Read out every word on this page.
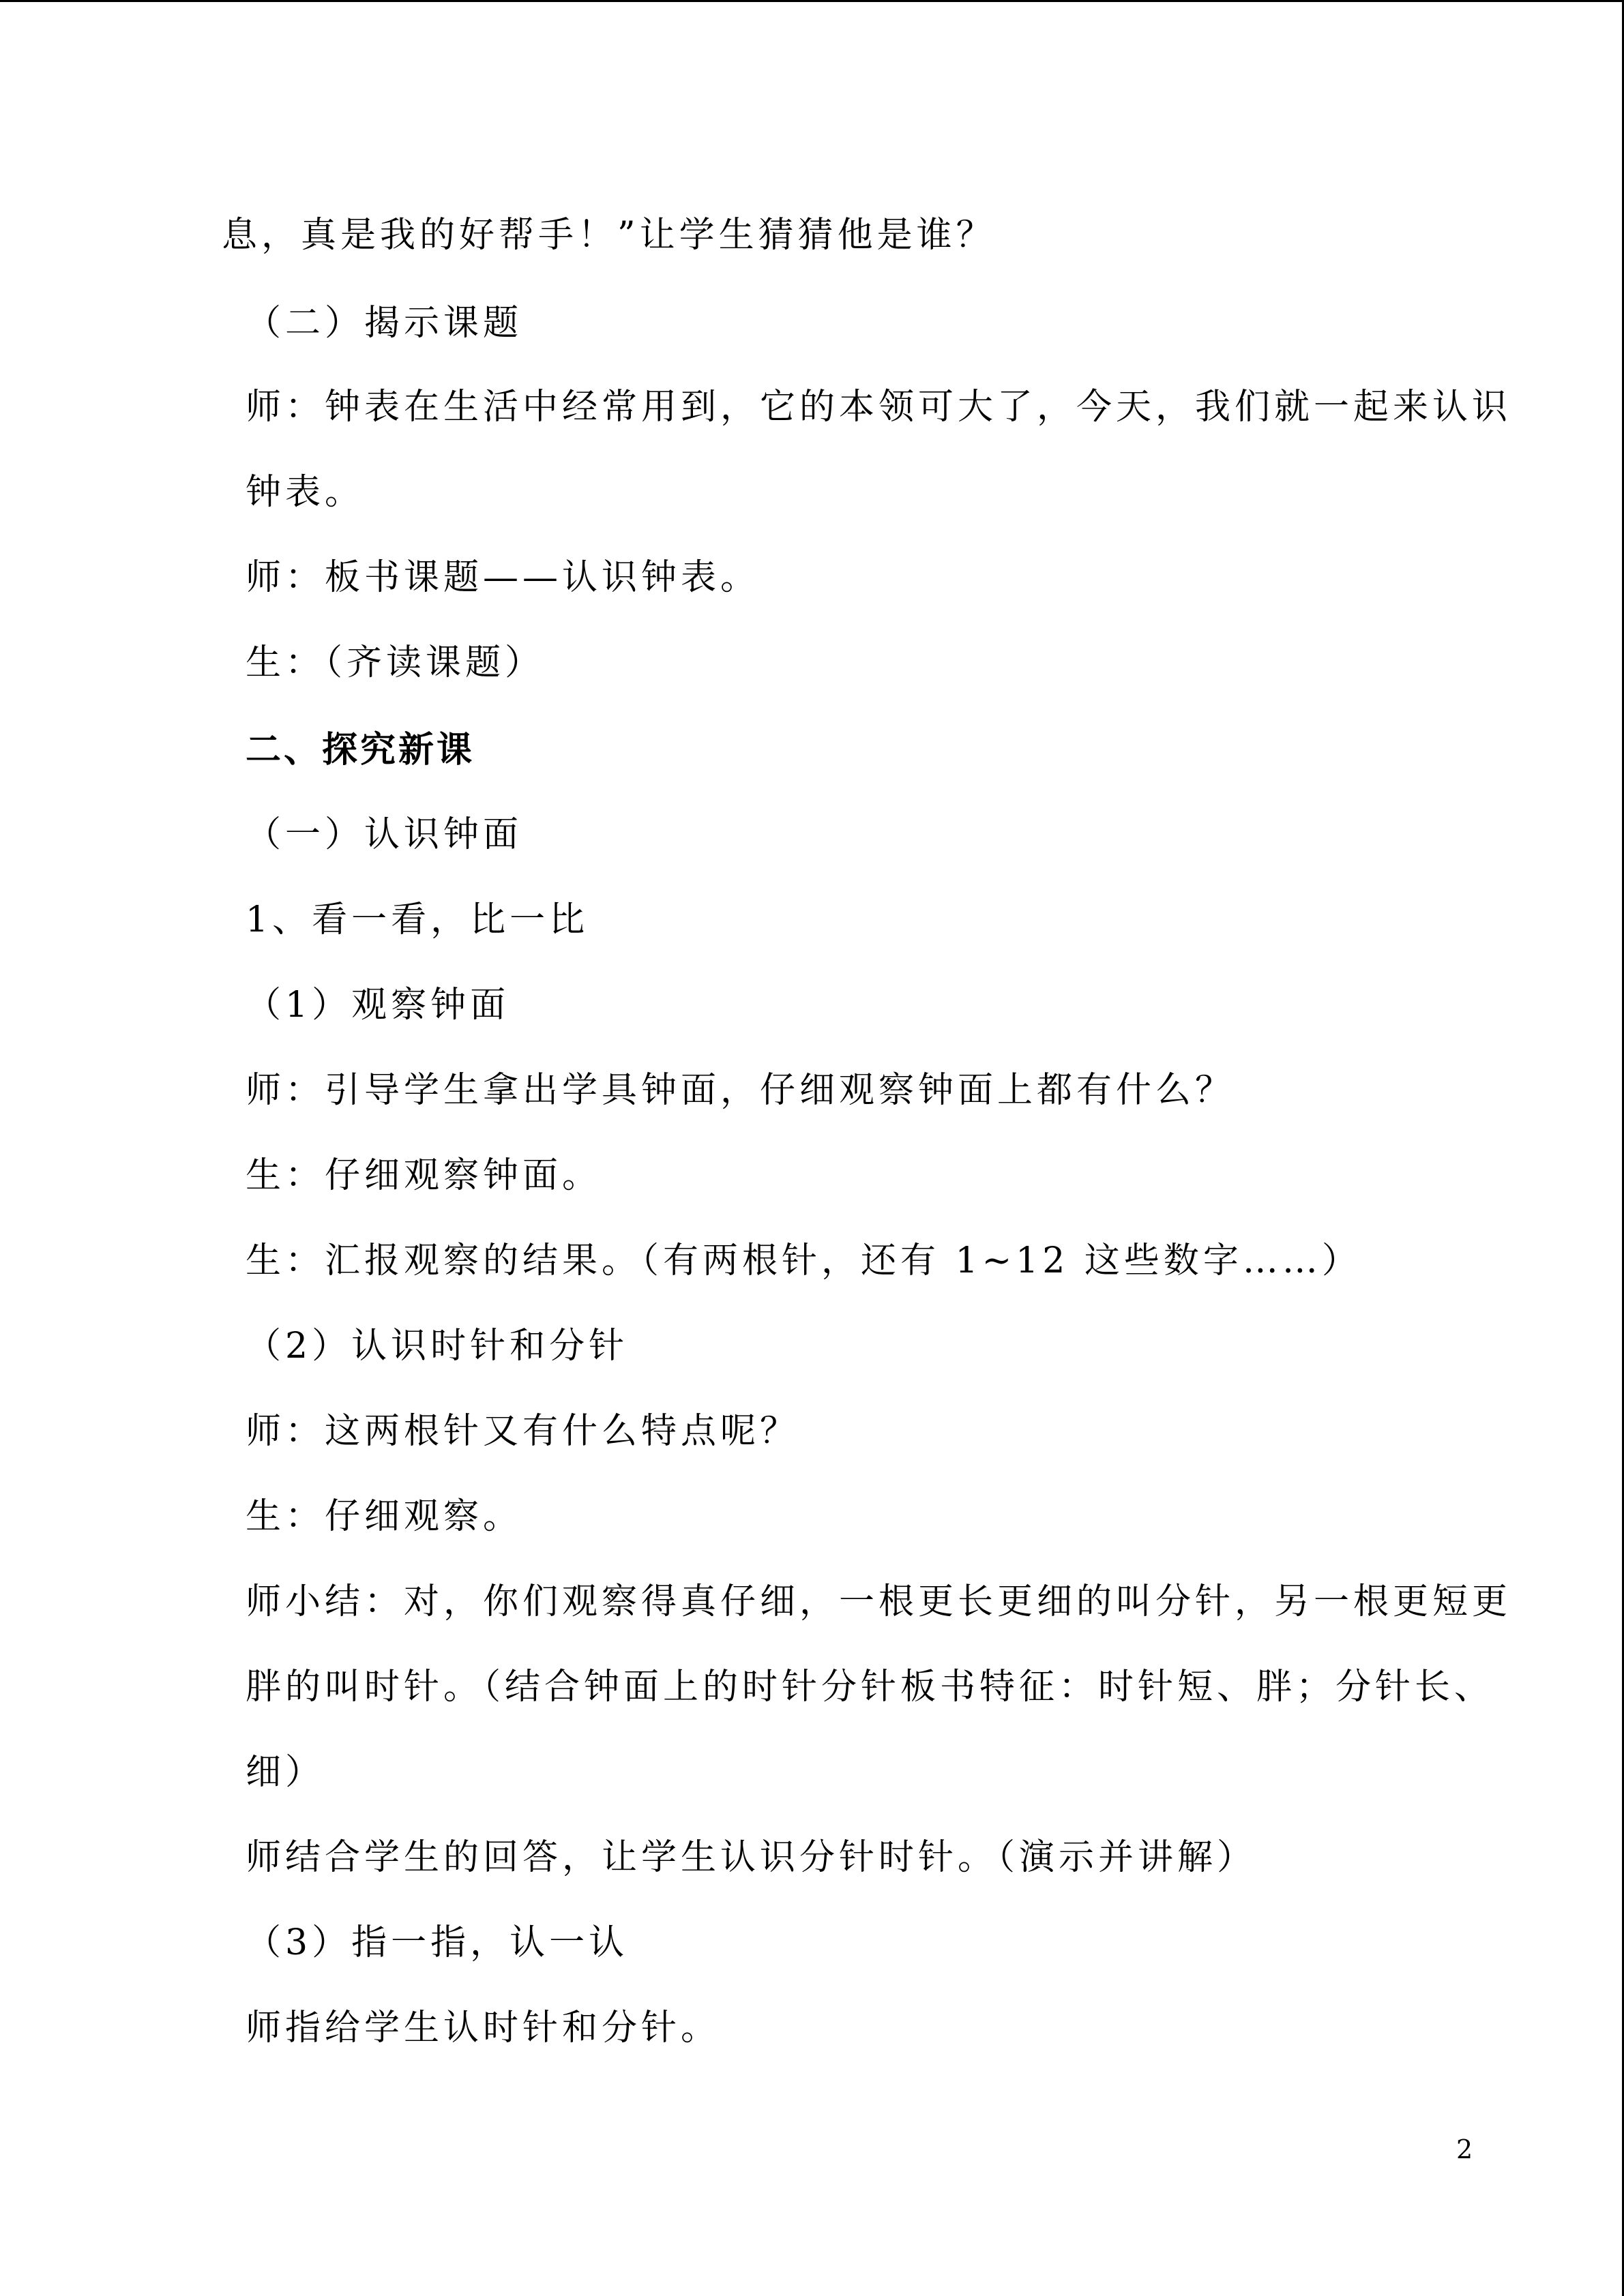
息，真是我的好帮手！”让学生猜猜他是谁？
（二）揭示课题
师：钟表在生活中经常用到，它的本领可大了，今天，我们就一起来认识
钟表。
师：板书课题——认识钟表。
生：（齐读课题）
二、探究新课
（一）认识钟面
1、看一看，比一比
（1）观察钟面
师：引导学生拿出学具钟面，仔细观察钟面上都有什么？
生：仔细观察钟面。
生：汇报观察的结果。（有两根针，还有 1~12 这些数字……）
（2）认识时针和分针
师：这两根针又有什么特点呢？
生：仔细观察。
师小结：对，你们观察得真仔细，一根更长更细的叫分针，另一根更短更
胖的叫时针。（结合钟面上的时针分针板书特征：时针短、胖；分针长、
细）
师结合学生的回答，让学生认识分针时针。（演示并讲解）
（3）指一指，认一认
师指给学生认时针和分针。
2
